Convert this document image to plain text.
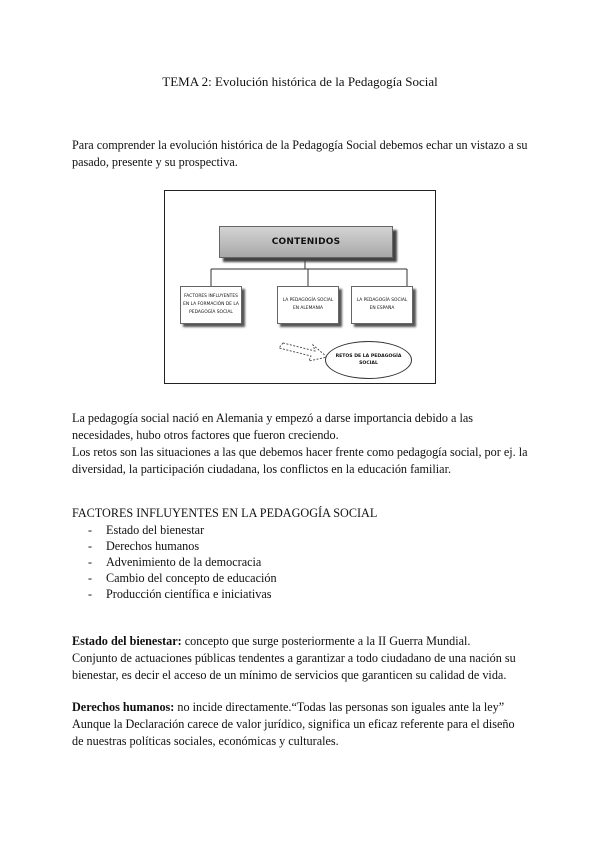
TEMA 2: Evolución histórica de la Pedagogía Social
Para comprender la evolución histórica de la Pedagogía Social debemos echar un vistazo a su pasado, presente y su prospectiva.
CONTENIDOS
FACTORES INFLUYENTES EN LA FORMACIÓN DE LA PEDAGOGÍA SOCIAL
LA PEDAGOGÍA SOCIAL EN ALEMANIA
LA PEDAGOGÍA SOCIAL EN ESPAÑA
RETOS DE LA PEDAGOGÍA SOCIAL
La pedagogía social nació en Alemania y empezó a darse importancia debido a las necesidades, hubo otros factores que fueron creciendo.
Los retos son las situaciones a las que debemos hacer frente como pedagogía social, por ej. la diversidad, la participación ciudadana, los conflictos en la educación familiar.
FACTORES INFLUYENTES EN LA PEDAGOGÍA SOCIAL
- Estado del bienestar
- Derechos humanos
- Advenimiento de la democracia
- Cambio del concepto de educación
- Producción científica e iniciativas
Estado del bienestar: concepto que surge posteriormente a la II Guerra Mundial.
Conjunto de actuaciones públicas tendentes a garantizar a todo ciudadano de una nación su bienestar, es decir el acceso de un mínimo de servicios que garanticen su calidad de vida.
Derechos humanos: no incide directamente.“Todas las personas son iguales ante la ley”
Aunque la Declaración carece de valor jurídico, significa un eficaz referente para el diseño de nuestras políticas sociales, económicas y culturales.
